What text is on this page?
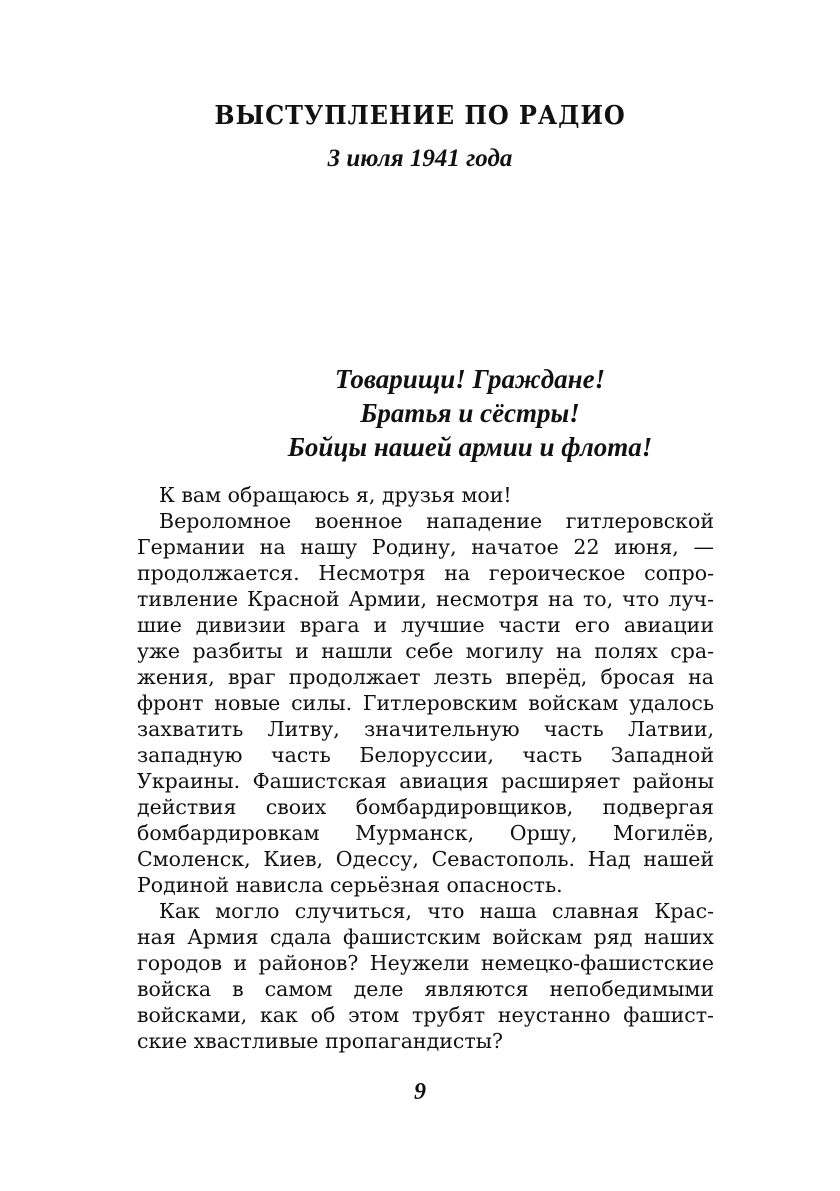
ВЫСТУПЛЕНИЕ ПО РАДИО
3 июля 1941 года
Товарищи! Граждане!
Братья и сёстры!
Бойцы нашей армии и флота!

К вам обращаюсь я, друзья мои!

Вероломное военное нападение гитлеровской
Германии на нашу Родину, начатое 22 июня, —
продолжается. Несмотря на героическое сопро-
тивление Красной Армии, несмотря на то, что луч-
шие дивизии врага и лучшие части его авиации
уже разбиты и нашли себе могилу на полях сра-
жения, враг продолжает лезть вперёд, бросая на
фронт новые силы. Гитлеровским войскам удалось
захватить Литву, значительную часть Латвии,
западную часть Белоруссии, часть Западной
Украины. Фашистская авиация расширяет районы
действия своих бомбардировщиков, подвергая
бомбардировкам Мурманск, Оршу, Могилёв,
Смоленск, Киев, Одессу, Севастополь. Над нашей
Родиной нависла серьёзная опасность.

Как могло случиться, что наша славная Крас-
ная Армия сдала фашистским войскам ряд наших
городов и районов? Неужели немецко-фашистские
войска в самом деле являются непобедимыми
войсками, как об этом трубят неустанно фашист-
ские хвастливые пропагандисты?

9
